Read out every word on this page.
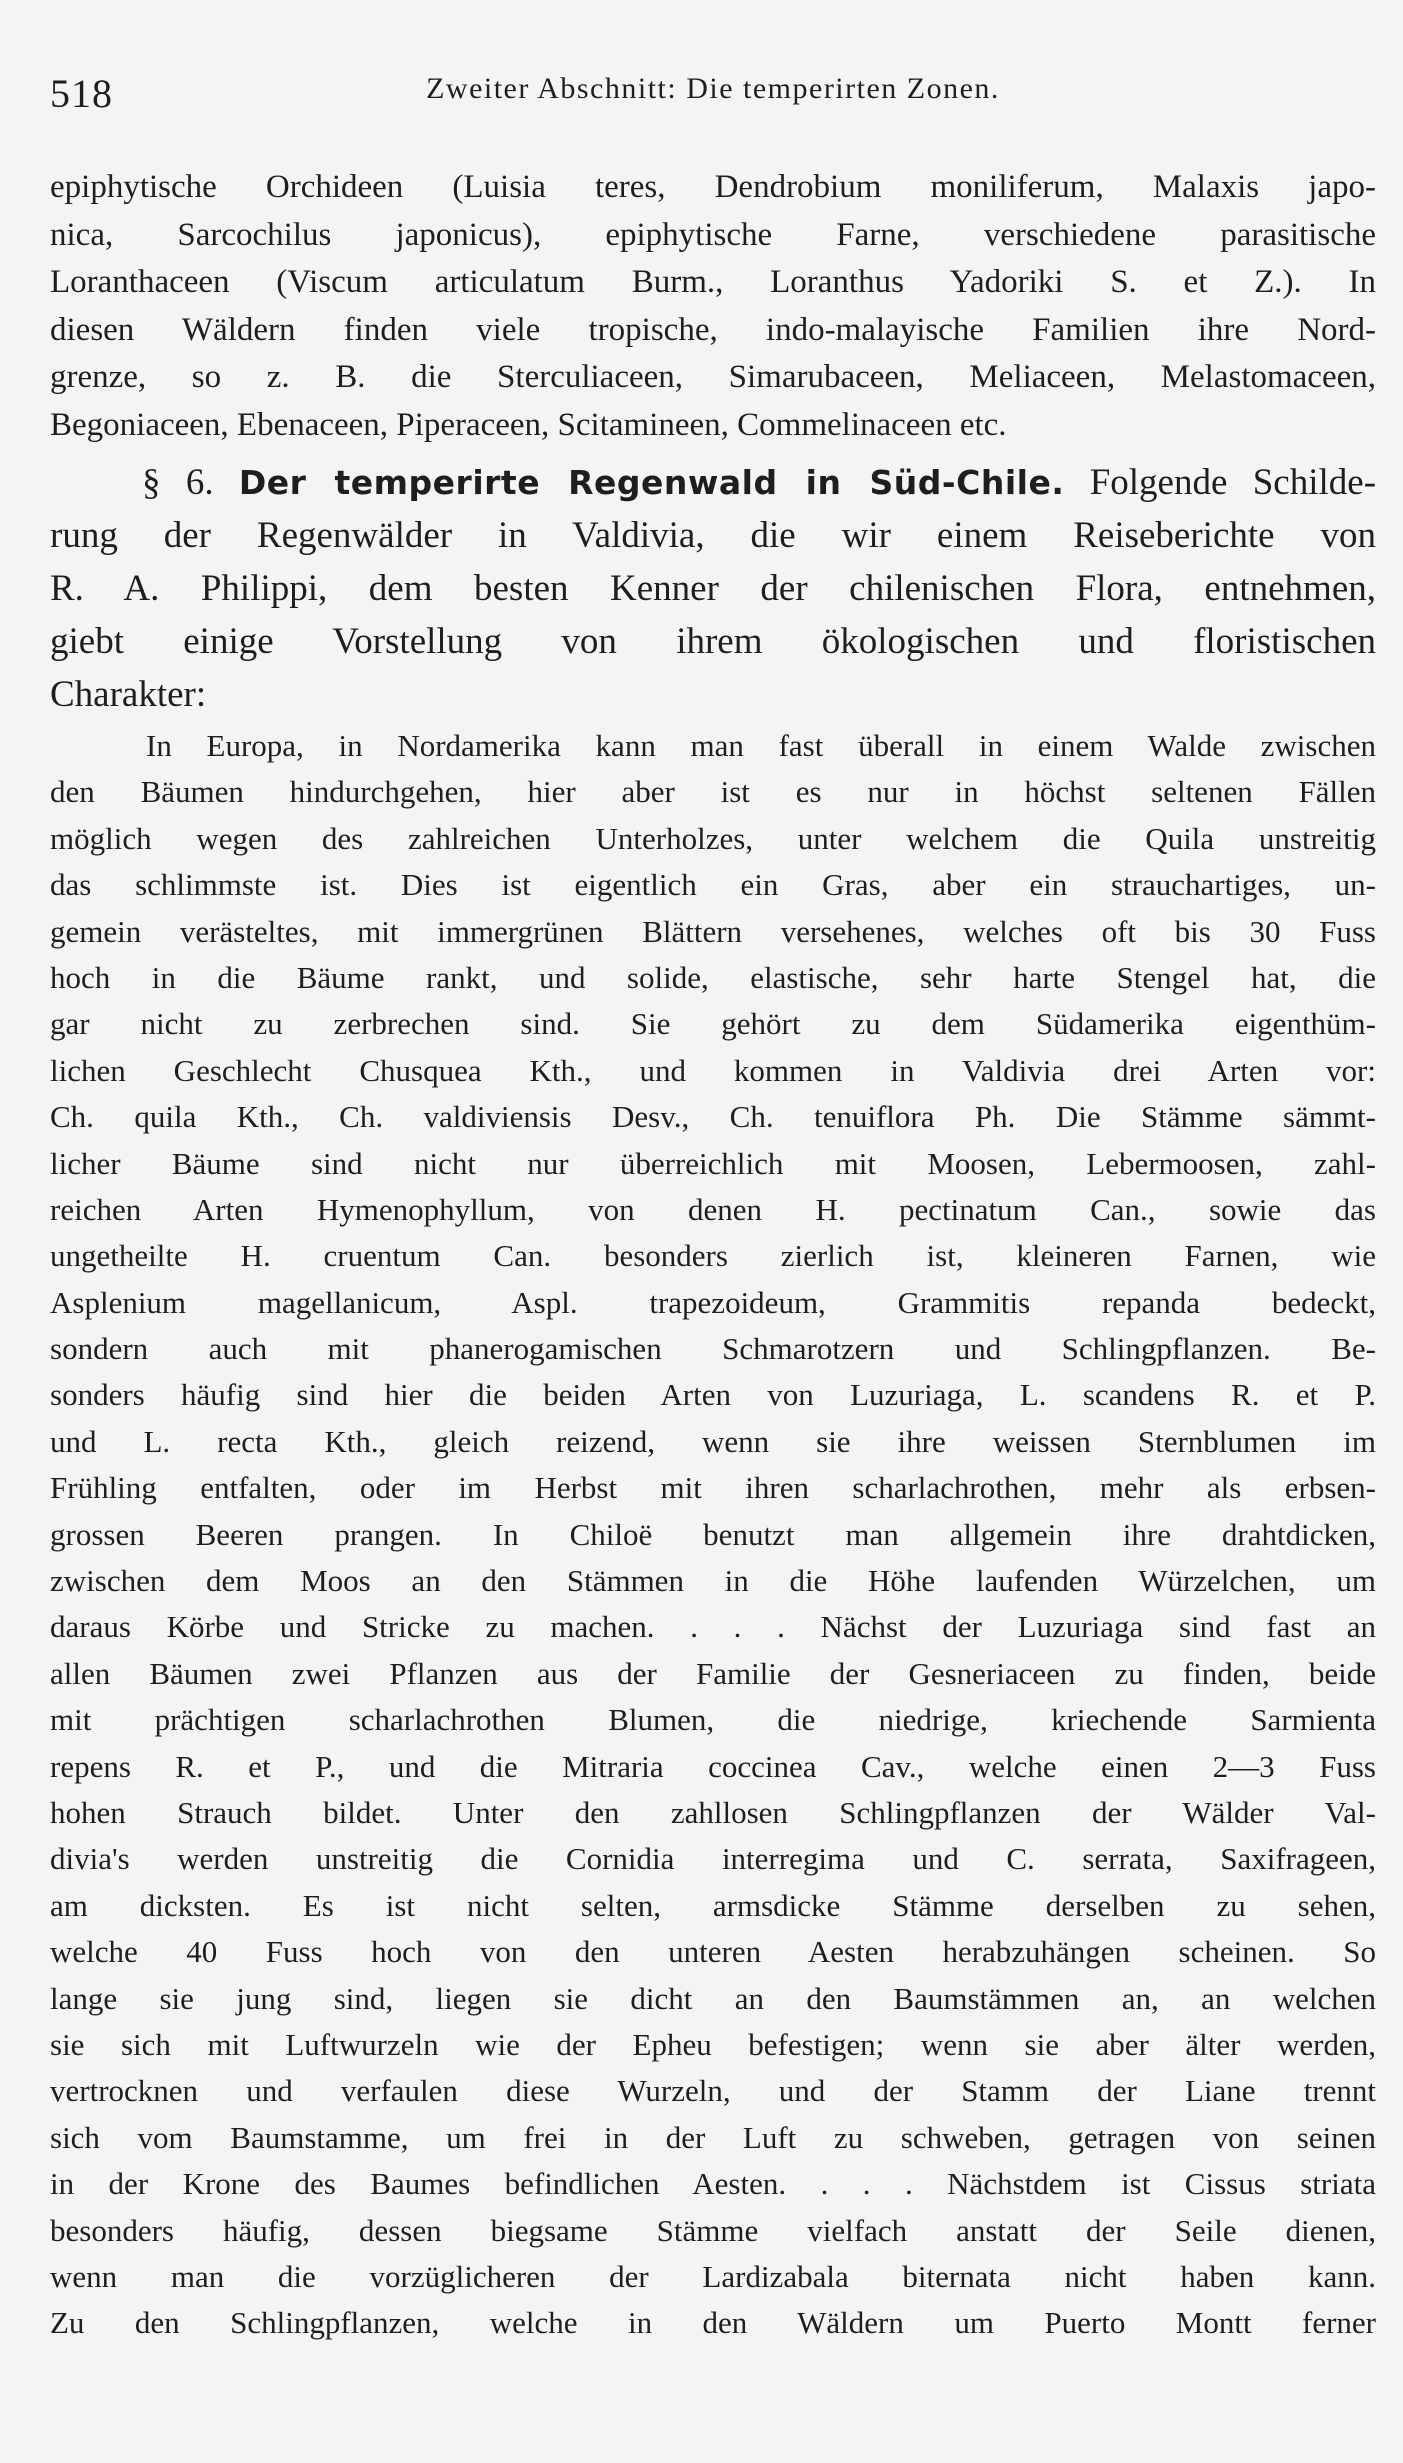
518	Zweiter Abschnitt: Die temperirten Zonen.
epiphytische Orchideen (Luisia teres, Dendrobium moniliferum, Malaxis japo-
nica, Sarcochilus japonicus), epiphytische Farne, verschiedene parasitische
Loranthaceen (Viscum articulatum Burm., Loranthus Yadoriki S. et Z.). In
diesen Wäldern finden viele tropische, indo-malayische Familien ihre Nord-
grenze, so z. B. die Sterculiaceen, Simarubaceen, Meliaceen, Melastomaceen,
Begoniaceen, Ebenaceen, Piperaceen, Scitamineen, Commelinaceen etc.
§ 6. Der temperirte Regenwald in Süd-Chile. Folgende Schilde-
rung der Regenwälder in Valdivia, die wir einem Reiseberichte von
R. A. Philippi, dem besten Kenner der chilenischen Flora, entnehmen,
giebt einige Vorstellung von ihrem ökologischen und floristischen
Charakter:
In Europa, in Nordamerika kann man fast überall in einem Walde zwischen
den Bäumen hindurchgehen, hier aber ist es nur in höchst seltenen Fällen
möglich wegen des zahlreichen Unterholzes, unter welchem die Quila unstreitig
das schlimmste ist. Dies ist eigentlich ein Gras, aber ein strauchartiges, un-
gemein verästeltes, mit immergrünen Blättern versehenes, welches oft bis 30 Fuss
hoch in die Bäume rankt, und solide, elastische, sehr harte Stengel hat, die
gar nicht zu zerbrechen sind. Sie gehört zu dem Südamerika eigenthüm-
lichen Geschlecht Chusquea Kth., und kommen in Valdivia drei Arten vor:
Ch. quila Kth., Ch. valdiviensis Desv., Ch. tenuiflora Ph. Die Stämme sämmt-
licher Bäume sind nicht nur überreichlich mit Moosen, Lebermoosen, zahl-
reichen Arten Hymenophyllum, von denen H. pectinatum Can., sowie das
ungetheilte H. cruentum Can. besonders zierlich ist, kleineren Farnen, wie
Asplenium magellanicum, Aspl. trapezoideum, Grammitis repanda bedeckt,
sondern auch mit phanerogamischen Schmarotzern und Schlingpflanzen. Be-
sonders häufig sind hier die beiden Arten von Luzuriaga, L. scandens R. et P.
und L. recta Kth., gleich reizend, wenn sie ihre weissen Sternblumen im
Frühling entfalten, oder im Herbst mit ihren scharlachrothen, mehr als erbsen-
grossen Beeren prangen. In Chiloë benutzt man allgemein ihre drahtdicken,
zwischen dem Moos an den Stämmen in die Höhe laufenden Würzelchen, um
daraus Körbe und Stricke zu machen. . . . Nächst der Luzuriaga sind fast an
allen Bäumen zwei Pflanzen aus der Familie der Gesneriaceen zu finden, beide
mit prächtigen scharlachrothen Blumen, die niedrige, kriechende Sarmienta
repens R. et P., und die Mitraria coccinea Cav., welche einen 2—3 Fuss
hohen Strauch bildet. Unter den zahllosen Schlingpflanzen der Wälder Val-
divia's werden unstreitig die Cornidia interregima und C. serrata, Saxifrageen,
am dicksten. Es ist nicht selten, armsdicke Stämme derselben zu sehen,
welche 40 Fuss hoch von den unteren Aesten herabzuhängen scheinen. So
lange sie jung sind, liegen sie dicht an den Baumstämmen an, an welchen
sie sich mit Luftwurzeln wie der Epheu befestigen; wenn sie aber älter werden,
vertrocknen und verfaulen diese Wurzeln, und der Stamm der Liane trennt
sich vom Baumstamme, um frei in der Luft zu schweben, getragen von seinen
in der Krone des Baumes befindlichen Aesten. . . . Nächstdem ist Cissus striata
besonders häufig, dessen biegsame Stämme vielfach anstatt der Seile dienen,
wenn man die vorzüglicheren der Lardizabala biternata nicht haben kann.
Zu den Schlingpflanzen, welche in den Wäldern um Puerto Montt ferner
